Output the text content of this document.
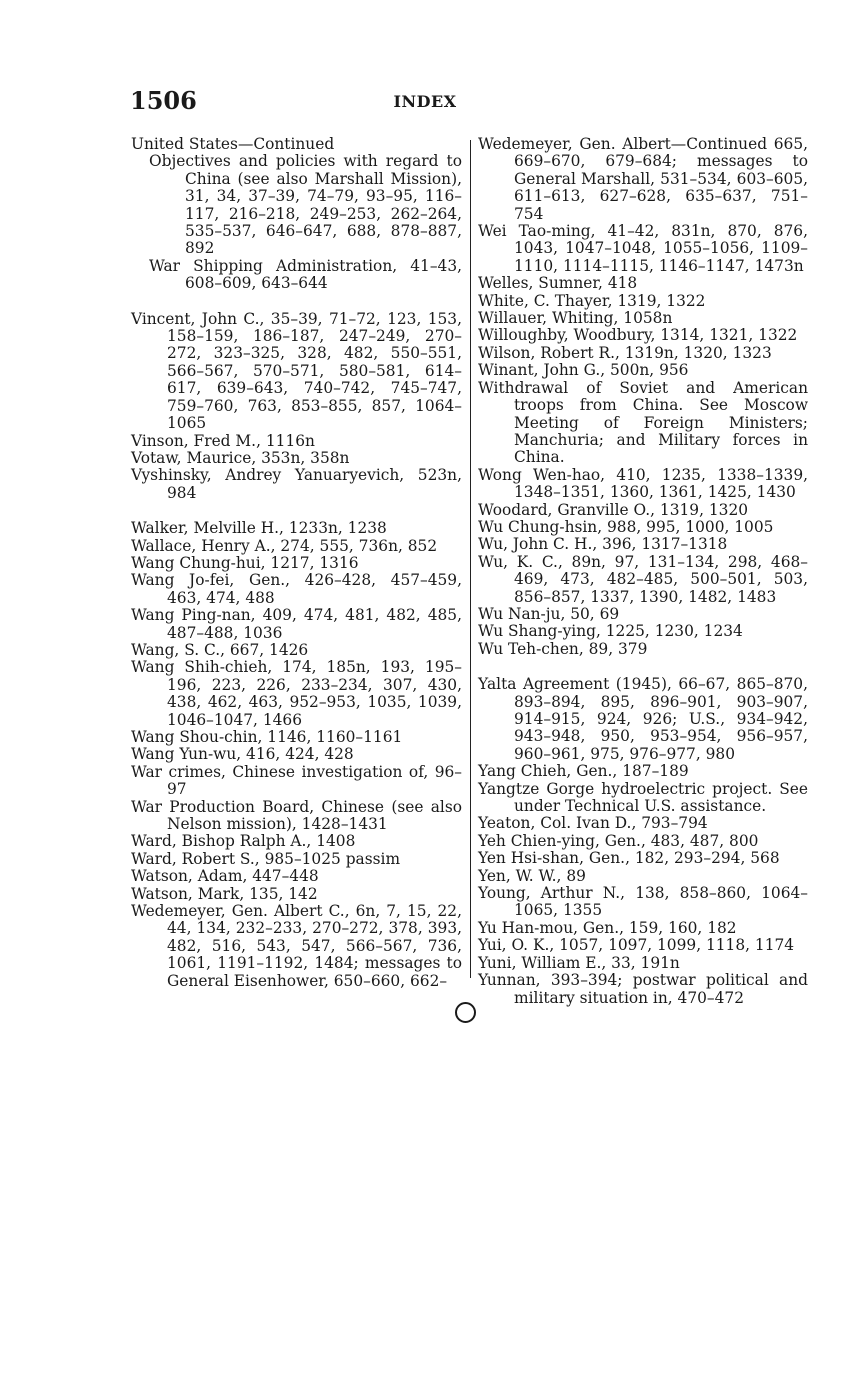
1506	INDEX

United States—Continued

Objectives and policies with regard to China (see also Marshall Mission), 31, 34, 37–39, 74–79, 93–95, 116–117, 216–218, 249–253, 262–264, 535–537, 646–647, 688, 878–887, 892

War Shipping Administration, 41–43, 608–609, 643–644

Vincent, John C., 35–39, 71–72, 123, 153, 158–159, 186–187, 247–249, 270–272, 323–325, 328, 482, 550–551, 566–567, 570–571, 580–581, 614–617, 639–643, 740–742, 745–747, 759–760, 763, 853–855, 857, 1064–1065

Vinson, Fred M., 1116n

Votaw, Maurice, 353n, 358n

Vyshinsky, Andrey Yanuaryevich, 523n, 984

Walker, Melville H., 1233n, 1238

Wallace, Henry A., 274, 555, 736n, 852

Wang Chung-hui, 1217, 1316

Wang Jo-fei, Gen., 426–428, 457–459, 463, 474, 488

Wang Ping-nan, 409, 474, 481, 482, 485, 487–488, 1036

Wang, S. C., 667, 1426

Wang Shih-chieh, 174, 185n, 193, 195–196, 223, 226, 233–234, 307, 430, 438, 462, 463, 952–953, 1035, 1039, 1046–1047, 1466

Wang Shou-chin, 1146, 1160–1161

Wang Yun-wu, 416, 424, 428

War crimes, Chinese investigation of, 96–97

War Production Board, Chinese (see also Nelson mission), 1428–1431

Ward, Bishop Ralph A., 1408

Ward, Robert S., 985–1025 passim

Watson, Adam, 447–448

Watson, Mark, 135, 142

Wedemeyer, Gen. Albert C., 6n, 7, 15, 22, 44, 134, 232–233, 270–272, 378, 393, 482, 516, 543, 547, 566–567, 736, 1061, 1191–1192, 1484; messages to General Eisenhower, 650–660, 662–

Wedemeyer, Gen. Albert—Continued 665, 669–670, 679–684; messages to General Marshall, 531–534, 603–605, 611–613, 627–628, 635–637, 751–754

Wei Tao-ming, 41–42, 831n, 870, 876, 1043, 1047–1048, 1055–1056, 1109–1110, 1114–1115, 1146–1147, 1473n

Welles, Sumner, 418

White, C. Thayer, 1319, 1322

Willauer, Whiting, 1058n

Willoughby, Woodbury, 1314, 1321, 1322

Wilson, Robert R., 1319n, 1320, 1323

Winant, John G., 500n, 956

Withdrawal of Soviet and American troops from China. See Moscow Meeting of Foreign Ministers; Manchuria; and Military forces in China.

Wong Wen-hao, 410, 1235, 1338–1339, 1348–1351, 1360, 1361, 1425, 1430

Woodard, Granville O., 1319, 1320

Wu Chung-hsin, 988, 995, 1000, 1005

Wu, John C. H., 396, 1317–1318

Wu, K. C., 89n, 97, 131–134, 298, 468–469, 473, 482–485, 500–501, 503, 856–857, 1337, 1390, 1482, 1483

Wu Nan-ju, 50, 69

Wu Shang-ying, 1225, 1230, 1234

Wu Teh-chen, 89, 379

Yalta Agreement (1945), 66–67, 865–870, 893–894, 895, 896–901, 903–907, 914–915, 924, 926; U.S., 934–942, 943–948, 950, 953–954, 956–957, 960–961, 975, 976–977, 980

Yang Chieh, Gen., 187–189

Yangtze Gorge hydroelectric project. See under Technical U.S. assistance.

Yeaton, Col. Ivan D., 793–794

Yeh Chien-ying, Gen., 483, 487, 800

Yen Hsi-shan, Gen., 182, 293–294, 568

Yen, W. W., 89

Young, Arthur N., 138, 858–860, 1064–1065, 1355

Yu Han-mou, Gen., 159, 160, 182

Yui, O. K., 1057, 1097, 1099, 1118, 1174

Yuni, William E., 33, 191n

Yunnan, 393–394; postwar political and military situation in, 470–472
